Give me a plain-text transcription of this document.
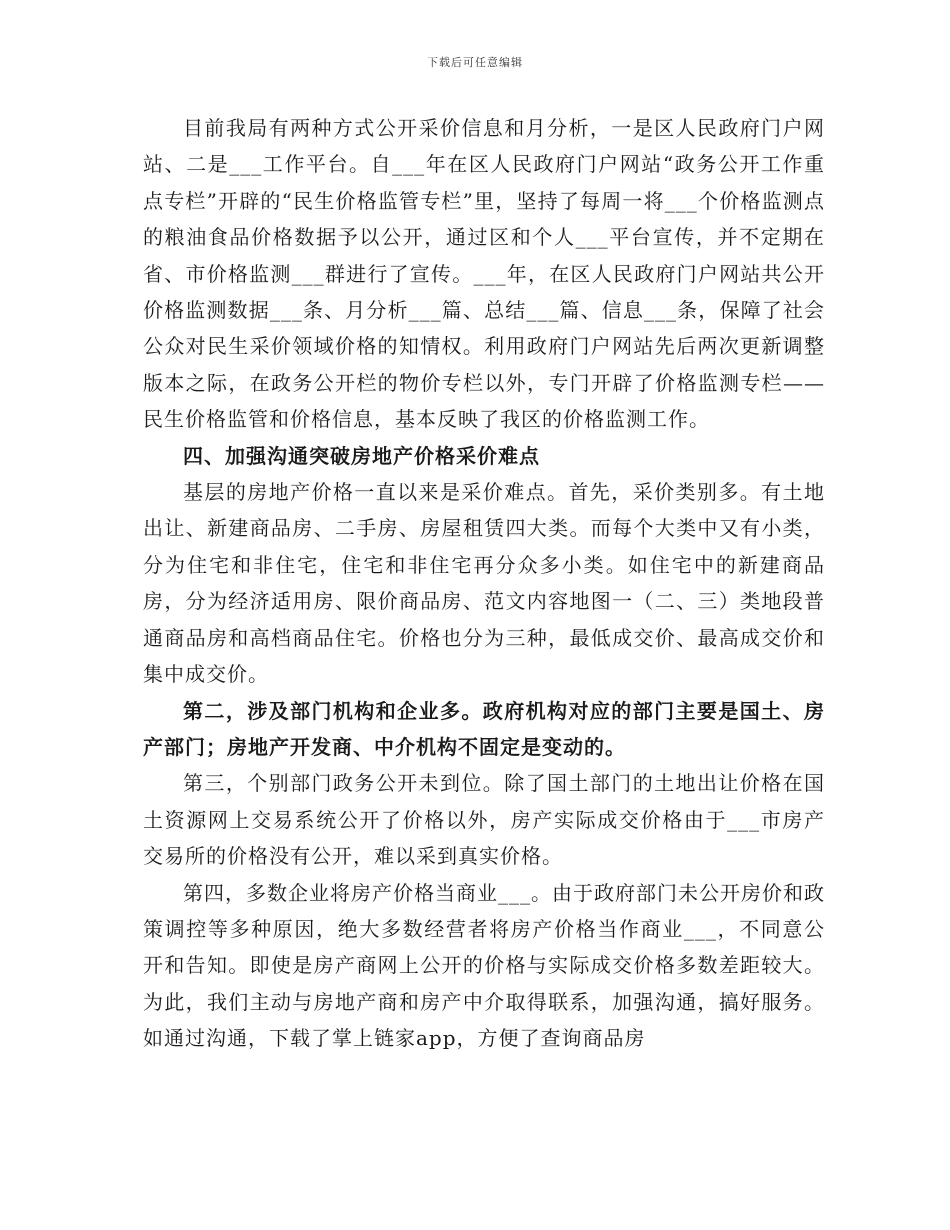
下载后可任意编辑

目前我局有两种方式公开采价信息和月分析，一是区人民政府门户网站、二是___工作平台。自___年在区人民政府门户网站“政务公开工作重点专栏”开辟的“民生价格监管专栏”里，坚持了每周一将___个价格监测点的粮油食品价格数据予以公开，通过区和个人___平台宣传，并不定期在省、市价格监测___群进行了宣传。___年，在区人民政府门户网站共公开价格监测数据___条、月分析___篇、总结___篇、信息___条，保障了社会公众对民生采价领域价格的知情权。利用政府门户网站先后两次更新调整版本之际，在政务公开栏的物价专栏以外，专门开辟了价格监测专栏——民生价格监管和价格信息，基本反映了我区的价格监测工作。

四、加强沟通突破房地产价格采价难点

基层的房地产价格一直以来是采价难点。首先，采价类别多。有土地出让、新建商品房、二手房、房屋租赁四大类。而每个大类中又有小类，分为住宅和非住宅，住宅和非住宅再分众多小类。如住宅中的新建商品房，分为经济适用房、限价商品房、范文内容地图一（二、三）类地段普通商品房和高档商品住宅。价格也分为三种，最低成交价、最高成交价和集中成交价。

第二，涉及部门机构和企业多。政府机构对应的部门主要是国土、房产部门；房地产开发商、中介机构不固定是变动的。

第三，个别部门政务公开未到位。除了国土部门的土地出让价格在国土资源网上交易系统公开了价格以外，房产实际成交价格由于___市房产交易所的价格没有公开，难以采到真实价格。

第四，多数企业将房产价格当商业___。由于政府部门未公开房价和政策调控等多种原因，绝大多数经营者将房产价格当作商业___，不同意公开和告知。即使是房产商网上公开的价格与实际成交价格多数差距较大。为此，我们主动与房地产商和房产中介取得联系，加强沟通，搞好服务。如通过沟通，下载了掌上链家app，方便了查询商品房
